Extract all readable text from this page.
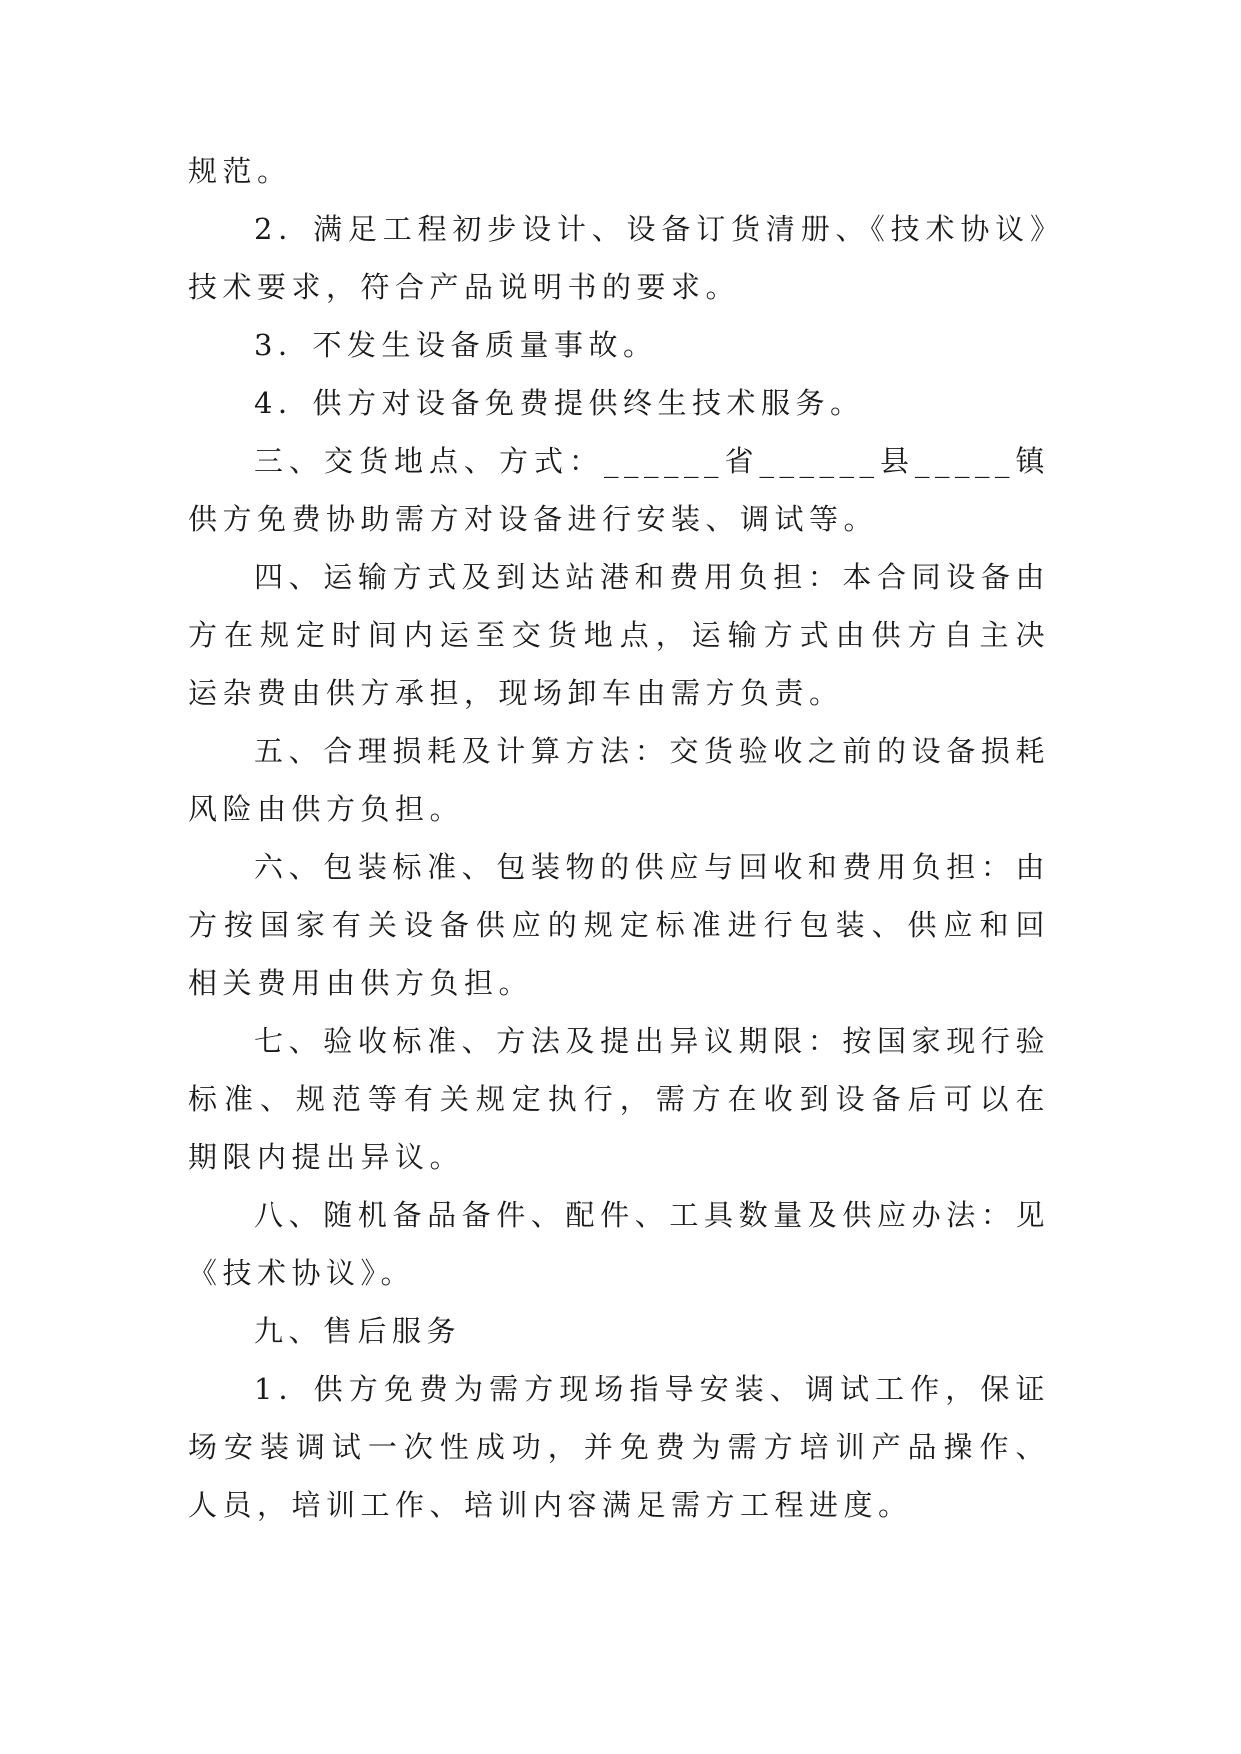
规范。
2．满足工程初步设计、设备订货清册、《技术协议》
技术要求，符合产品说明书的要求。
3．不发生设备质量事故。
4．供方对设备免费提供终生技术服务。
三、交货地点、方式：______省______县_____镇
供方免费协助需方对设备进行安装、调试等。
四、运输方式及到达站港和费用负担：本合同设备由
方在规定时间内运至交货地点，运输方式由供方自主决
运杂费由供方承担，现场卸车由需方负责。
五、合理损耗及计算方法：交货验收之前的设备损耗
风险由供方负担。
六、包装标准、包装物的供应与回收和费用负担：由
方按国家有关设备供应的规定标准进行包装、供应和回
相关费用由供方负担。
七、验收标准、方法及提出异议期限：按国家现行验
标准、规范等有关规定执行，需方在收到设备后可以在
期限内提出异议。
八、随机备品备件、配件、工具数量及供应办法：见
《技术协议》。
九、售后服务
1．供方免费为需方现场指导安装、调试工作，保证
场安装调试一次性成功，并免费为需方培训产品操作、
人员，培训工作、培训内容满足需方工程进度。
